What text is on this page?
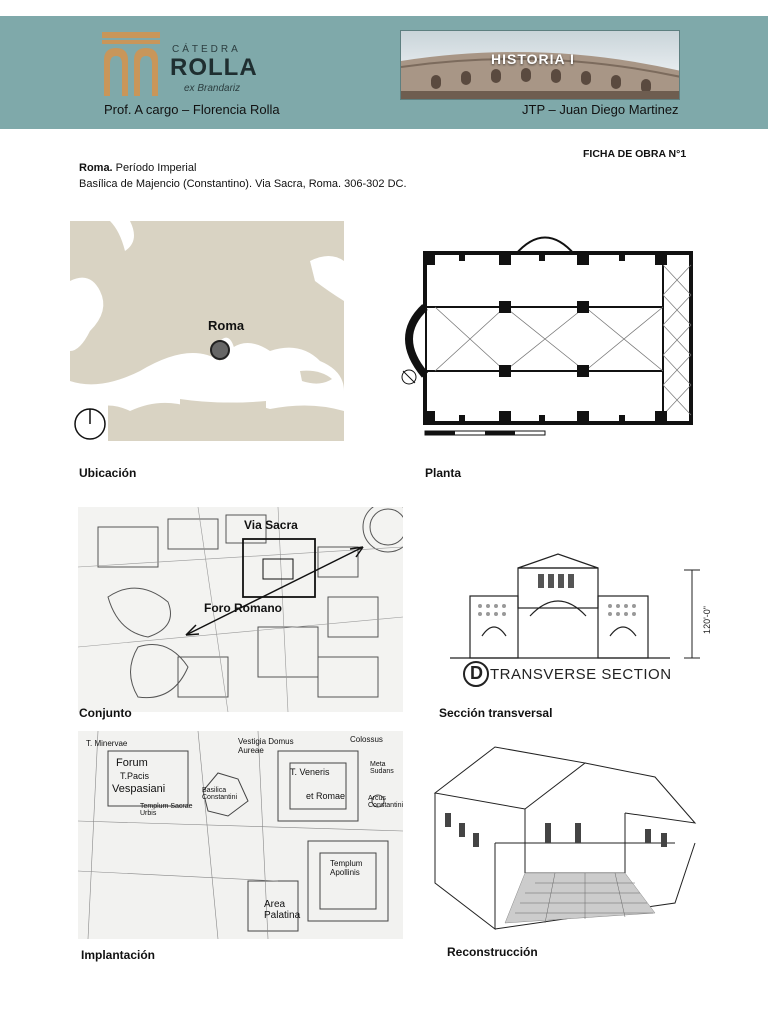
CÁTEDRA
ROLLA
ex Brandariz
HISTORIA I
Prof. A cargo – Florencia Rolla	JTP – Juan Diego Martinez
FICHA DE OBRA N°1
Roma. Período Imperial
Basílica de Majencio (Constantino). Via Sacra, Roma. 306-302 DC.
Roma
Ubicación	Planta
Via Sacra
Foro Romano
Conjunto
D TRANSVERSE SECTION
120'-0"
Sección transversal
T. Minervae
Forum
T.Pacis
Vespasiani
Templum Sacrae Urbis
Vestigia Domus Aureae
T. Veneris
et Romae
Colossus
Meta Sudans
Arcus Constantini
Basilica Constantini
Area Palatina
Templum Apollinis
Implantación	Reconstrucción
